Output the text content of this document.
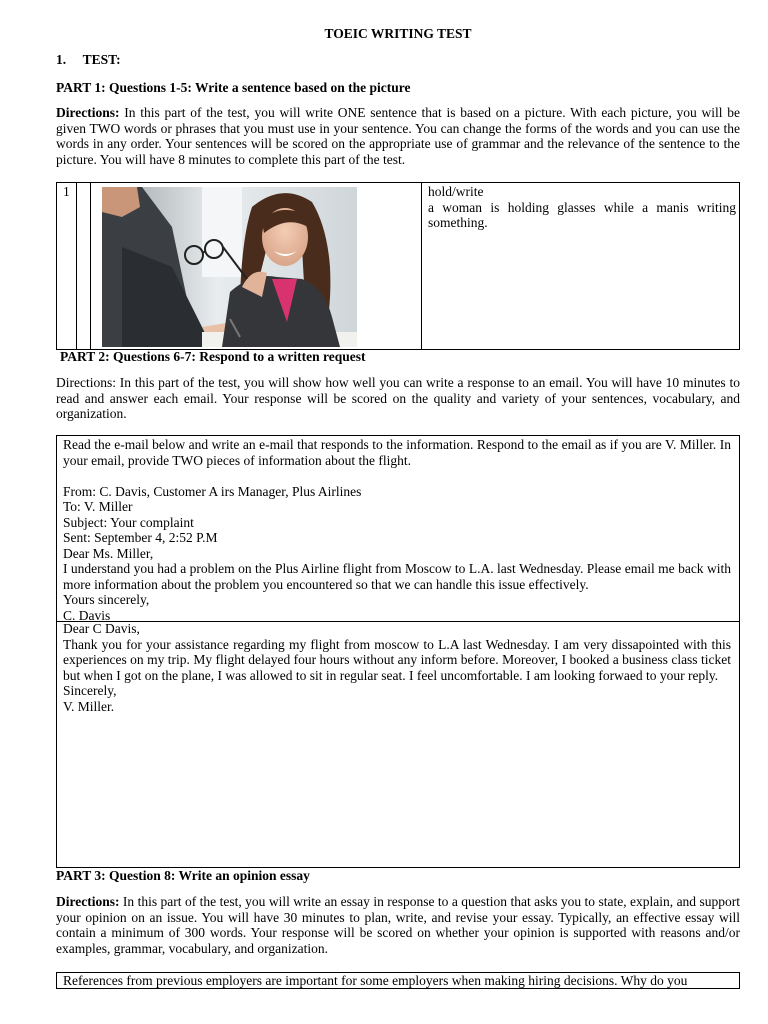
TOEIC WRITING TEST
1. TEST:
PART 1: Questions 1-5: Write a sentence based on the picture
Directions: In this part of the test, you will write ONE sentence that is based on a picture. With each picture, you will be given TWO words or phrases that you must use in your sentence. You can change the forms of the words and you can use the words in any order. Your sentences will be scored on the appropriate use of grammar and the relevance of the sentence to the picture. You will have 8 minutes to complete this part of the test.
1	hold/write
a woman is holding glasses while a manis writing something.
PART 2: Questions 6-7: Respond to a written request
Directions: In this part of the test, you will show how well you can write a response to an email. You will have 10 minutes to read and answer each email. Your response will be scored on the quality and variety of your sentences, vocabulary, and organization.
Read the e-mail below and write an e-mail that responds to the information. Respond to the email as if you are V. Miller. In your email, provide TWO pieces of information about the flight.
From: C. Davis, Customer A irs Manager, Plus Airlines
To: V. Miller
Subject: Your complaint
Sent: September 4, 2:52 P.M
Dear Ms. Miller,
I understand you had a problem on the Plus Airline flight from Moscow to L.A. last Wednesday. Please email me back with more information about the problem you encountered so that we can handle this issue effectively.
Yours sincerely,
C. Davis
Dear C Davis,
Thank you for your assistance regarding my flight from moscow to L.A last Wednesday. I am very dissapointed with this experiences on my trip. My flight delayed four hours without any inform before. Moreover, I booked a business class ticket but when I got on the plane, I was allowed to sit in regular seat. I feel uncomfortable. I am looking forwaed to your reply.
Sincerely,
V. Miller.
PART 3: Question 8: Write an opinion essay
Directions: In this part of the test, you will write an essay in response to a question that asks you to state, explain, and support your opinion on an issue. You will have 30 minutes to plan, write, and revise your essay. Typically, an effective essay will contain a minimum of 300 words. Your response will be scored on whether your opinion is supported with reasons and/or examples, grammar, vocabulary, and organization.
References from previous employers are important for some employers when making hiring decisions. Why do you
